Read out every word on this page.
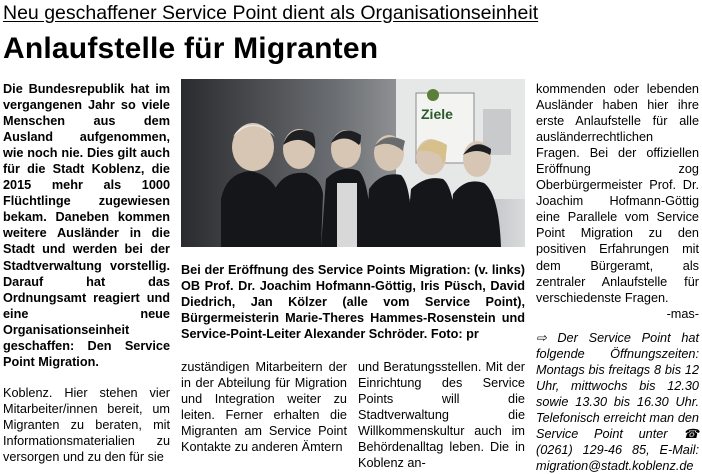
Neu geschaffener Service Point dient als Organisationseinheit
Anlaufstelle für Migranten

Die Bundesrepublik hat im vergangenen Jahr so viele Menschen aus dem Ausland aufgenommen, wie noch nie. Dies gilt auch für die Stadt Koblenz, die 2015 mehr als 1000 Flüchtlinge zugewiesen bekam. Daneben kommen weitere Ausländer in die Stadt und werden bei der Stadtverwaltung vorstellig. Darauf hat das Ordnungsamt reagiert und eine neue Organisationseinheit geschaffen: Den Service Point Migration.

Koblenz. Hier stehen vier Mitarbeiter/innen bereit, um Migranten zu beraten, mit Informationsmaterialien zu versorgen und zu den für sie

Ziele
Bei der Eröffnung des Service Points Migration: (v. links) OB Prof. Dr. Joachim Hofmann-Göttig, Iris Püsch, David Diedrich, Jan Kölzer (alle vom Service Point), Bürgermeisterin Marie-Theres Hammes-Rosenstein und Service-Point-Leiter Alexander Schröder. Foto: pr

zuständigen Mitarbeitern der in der Abteilung für Migration und Integration weiter zu leiten. Ferner erhalten die Migranten am Service Point Kontakte zu anderen Ämtern

und Beratungsstellen. Mit der Einrichtung des Service Points will die Stadtverwaltung die Willkommenskultur auch im Behördenalltag leben. Die in Koblenz an-

kommenden oder lebenden Ausländer haben hier ihre erste Anlaufstelle für alle ausländerrechtlichen Fragen. Bei der offiziellen Eröffnung zog Oberbürgermeister Prof. Dr. Joachim Hofmann-Göttig eine Parallele vom Service Point Migration zu den positiven Erfahrungen mit dem Bürgeramt, als zentraler Anlaufstelle für verschiedenste Fragen.

-mas-

⇨ Der Service Point hat folgende Öffnungszeiten: Montags bis freitags 8 bis 12 Uhr, mittwochs bis 12.30 sowie 13.30 bis 16.30 Uhr. Telefonisch erreicht man den Service Point unter ☎ (0261) 129-46 85, E-Mail: migration@stadt.koblenz.de
